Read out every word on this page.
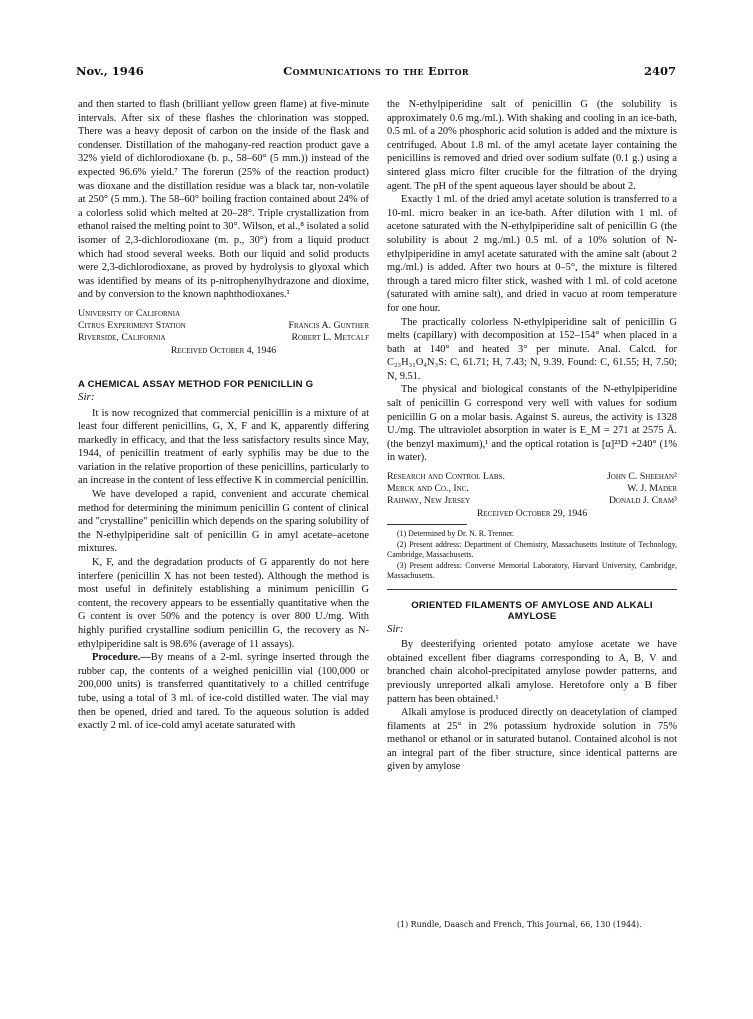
Nov., 1946	Communications to the Editor	2407

and then started to flash (brilliant yellow green flame) at five-minute intervals. After six of these flashes the chlorination was stopped. There was a heavy deposit of carbon on the inside of the flask and condenser. Distillation of the mahogany-red reaction product gave a 32% yield of dichlorodioxane (b. p., 58–60° (5 mm.)) instead of the expected 96.6% yield.⁷ The forerun (25% of the reaction product) was dioxane and the distillation residue was a black tar, non-volatile at 250° (5 mm.). The 58–60° boiling fraction contained about 24% of a colorless solid which melted at 20–28°. Triple crystallization from ethanol raised the melting point to 30°. Wilson, et al.,⁸ isolated a solid isomer of 2,3-dichlorodioxane (m. p., 30°) from a liquid product which had stood several weeks. Both our liquid and solid products were 2,3-dichlorodioxane, as proved by hydrolysis to glyoxal which was identified by means of its p-nitrophenylhydrazone and dioxime, and by conversion to the known naphthodioxanes.¹

University of California
Citrus Experiment Station	Francis A. Gunther
Riverside, California	Robert L. Metcalf
Received October 4, 1946
A CHEMICAL ASSAY METHOD FOR PENICILLIN G
Sir:

It is now recognized that commercial penicillin is a mixture of at least four different penicillins, G, X, F and K, apparently differing markedly in efficacy, and that the less satisfactory results since May, 1944, of penicillin treatment of early syphilis may be due to the variation in the relative proportion of these penicillins, particularly to an increase in the content of less effective K in commercial penicillin.

We have developed a rapid, convenient and accurate chemical method for determining the minimum penicillin G content of clinical and "crystalline" penicillin which depends on the sparing solubility of the N-ethylpiperidine salt of penicillin G in amyl acetate–acetone mixtures.

K, F, and the degradation products of G apparently do not here interfere (penicillin X has not been tested). Although the method is most useful in definitely establishing a minimum penicillin G content, the recovery appears to be essentially quantitative when the G content is over 50% and the potency is over 800 U./mg. With highly purified crystalline sodium penicillin G, the recovery as N-ethylpiperidine salt is 98.6% (average of 11 assays).

Procedure.—By means of a 2-ml. syringe inserted through the rubber cap, the contents of a weighed penicillin vial (100,000 or 200,000 units) is transferred quantitatively to a chilled centrifuge tube, using a total of 3 ml. of ice-cold distilled water. The vial may then be opened, dried and tared. To the aqueous solution is added exactly 2 ml. of ice-cold amyl acetate saturated with

the N-ethylpiperidine salt of penicillin G (the solubility is approximately 0.6 mg./ml.). With shaking and cooling in an ice-bath, 0.5 ml. of a 20% phosphoric acid solution is added and the mixture is centrifuged. About 1.8 ml. of the amyl acetate layer containing the penicillins is removed and dried over sodium sulfate (0.1 g.) using a sintered glass micro filter crucible for the filtration of the drying agent. The pH of the spent aqueous layer should be about 2.

Exactly 1 ml. of the dried amyl acetate solution is transferred to a 10-ml. micro beaker in an ice-bath. After dilution with 1 ml. of acetone saturated with the N-ethylpiperidine salt of penicillin G (the solubility is about 2 mg./ml.) 0.5 ml. of a 10% solution of N-ethylpiperidine in amyl acetate saturated with the amine salt (about 2 mg./ml.) is added. After two hours at 0–5°, the mixture is filtered through a tared micro filter stick, washed with 1 ml. of cold acetone (saturated with amine salt), and dried in vacuo at room temperature for one hour.

The practically colorless N-ethylpiperidine salt of penicillin G melts (capillary) with decomposition at 152–154° when placed in a bath at 140° and heated 3° per minute. Anal. Calcd. for C₂₃H₃₁O₄N₃S: C, 61.71; H, 7.43; N, 9.39. Found: C, 61.55; H, 7.50; N, 9.51.

The physical and biological constants of the N-ethylpiperidine salt of penicillin G correspond very well with values for sodium penicillin G on a molar basis. Against S. aureus, the activity is 1328 U./mg. The ultraviolet absorption in water is E_M = 271 at 2575 Å. (the benzyl maximum),¹ and the optical rotation is [α]²³D +240° (1% in water).

Research and Control Labs.	John C. Sheehan²
Merck and Co., Inc.	W. J. Mader
Rahway, New Jersey	Donald J. Cram³
Received October 29, 1946
(1) Determined by Dr. N. R. Trenner.
(2) Present address: Department of Chemistry, Massachusetts Institute of Technology, Cambridge, Massachusetts.
(3) Present address: Converse Memorial Laboratory, Harvard University, Cambridge, Massachusetts.
ORIENTED FILAMENTS OF AMYLOSE AND ALKALI AMYLOSE
Sir:

By deesterifying oriented potato amylose acetate we have obtained excellent fiber diagrams corresponding to A, B, V and branched chain alcohol-precipitated amylose powder patterns, and previously unreported alkali amylose. Heretofore only a B fiber pattern has been obtained.¹

Alkali amylose is produced directly on deacetylation of clamped filaments at 25° in 2% potassium hydroxide solution in 75% methanol or ethanol or in saturated butanol. Contained alcohol is not an integral part of the fiber structure, since identical patterns are given by amylose

(1) Rundle, Daasch and French, This Journal, 66, 130 (1944).
